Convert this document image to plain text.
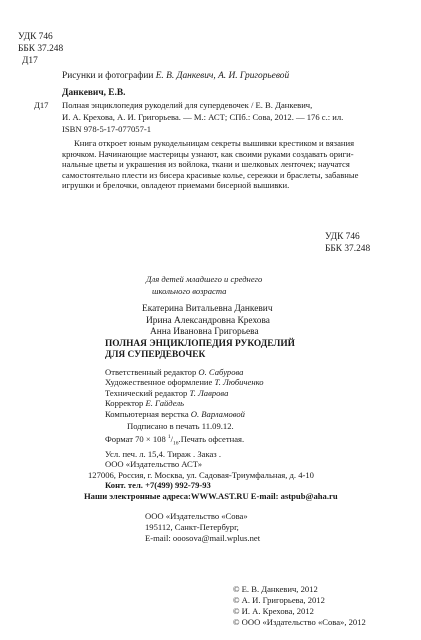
УДК 746
ББК 37.248
Д17
Рисунки и фотографии Е. В. Данкевич, А. И. Григорьевой
Данкевич, Е.В.
Д17 Полная энциклопедия рукоделий для супердевочек / Е. В. Данкевич,
И. А. Крехова, А. И. Григорьева. — М.: АСТ; СПб.: Сова, 2012. — 176 с.: ил.
ISBN 978-5-17-077057-1
Книга откроет юным рукодельницам секреты вышивки крестиком и вязания
крючком. Начинающие мастерицы узнают, как своими руками создавать ориги-
нальные цветы и украшения из войлока, ткани и шелковых ленточек; научатся
самостоятельно плести из бисера красивые колье, сережки и браслеты, забавные
игрушки и брелочки, овладеют приемами бисерной вышивки.
УДК 746
ББК 37.248
Для детей младшего и среднего
школьного возраста
Екатерина Витальевна Данкевич
Ирина Александровна Крехова
Анна Ивановна Григорьева
ПОЛНАЯ ЭНЦИКЛОПЕДИЯ РУКОДЕЛИЙ
ДЛЯ СУПЕРДЕВОЧЕК
Ответственный редактор О. Сабурова
Художественное оформление Т. Любиченко
Технический редактор Т. Лаврова
Корректор Е. Гайдель
Компьютерная верстка О. Варламовой
Подписано в печать 11.09.12.
Формат 70 × 108 $^1/_{16}.Печать$ офсетная.
Усл. печ. л. 15,4. Тираж . Заказ .
ООО «Издательство АСТ»
127006, Россия, г. Москва, ул. Садовая-Триумфальная, д. 4-10
Конт. тел. +7(499) 992-79-93
Наши электронные адреса:WWW.AST.RU E-mail: astpub@aha.ru
ООО «Издательство «Сова»
195112, Санкт-Петербург,
E-mail: ooosova@mail.wplus.net
© Е. В. Данкевич, 2012
© А. И. Григорьева, 2012
© И. А. Крехова, 2012
© ООО «Издательство «Сова», 2012
